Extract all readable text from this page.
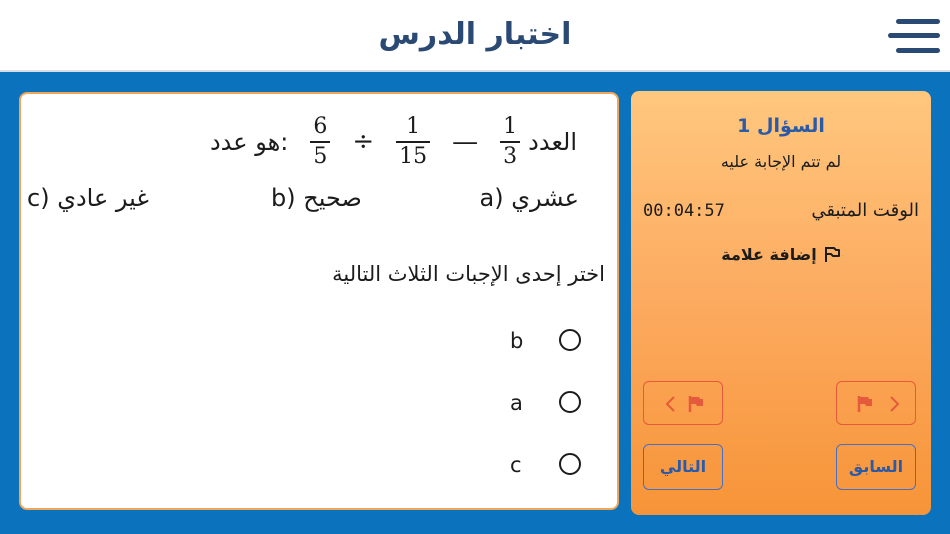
اختبار الدرس
العدد
$\frac{1}{3}$
—
$\frac{1}{15}$
÷
$\frac{6}{5}$
هو عدد:
a) عشري
b) صحيح
c) غير عادي
اختر إحدى الإجبات الثلاث التالية
b
a
c
السؤال 1
لم تتم الإجابة عليه
الوقت المتبقي
00:04:57
إضافة علامة
التالي	السابق
